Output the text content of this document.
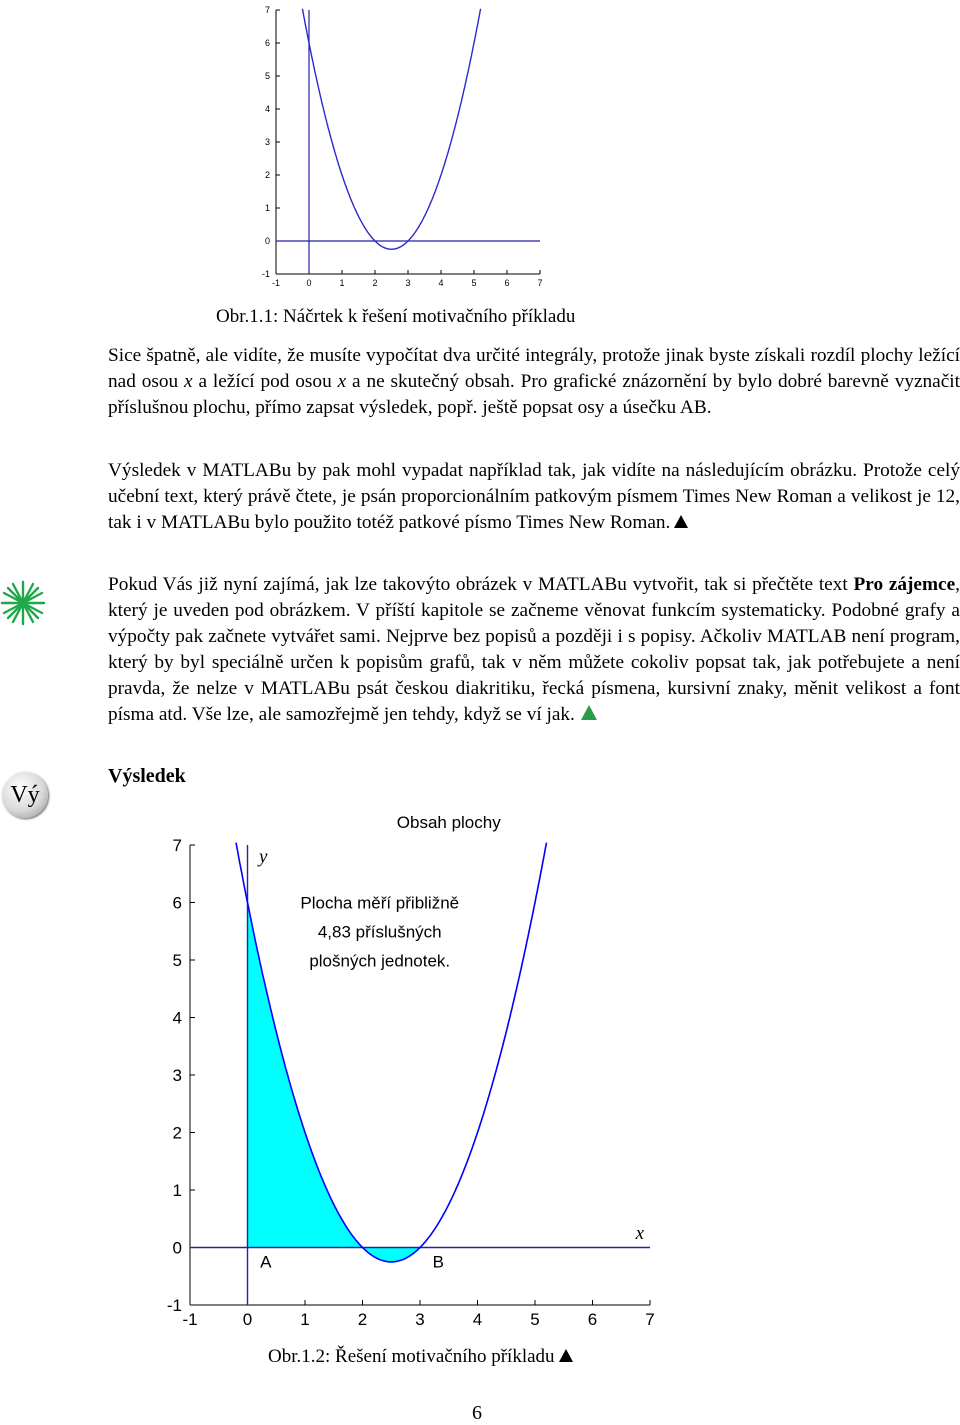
-1
0
1
2
3
4
5
6
7
-1	0	1	2	3	4	5	6	7
Obr.1.1: Náčrtek k řešení motivačního příkladu
Sice špatně, ale vidíte, že musíte vypočítat dva určité integrály, protože jinak byste získali rozdíl plochy ležící nad osou x a ležící pod osou x a ne skutečný obsah. Pro grafické znázornění by bylo dobré barevně vyznačit příslušnou plochu, přímo zapsat výsledek, popř. ještě popsat osy a úsečku AB.
Výsledek v MATLABu by pak mohl vypadat například tak, jak vidíte na následujícím obrázku. Protože celý učební text, který právě čtete, je psán proporcionálním patkovým písmem Times New Roman a velikost je 12, tak i v MATLABu bylo použito totéž patkové písmo Times New Roman.
Pokud Vás již nyní zajímá, jak lze takovýto obrázek v MATLABu vytvořit, tak si přečtěte text Pro zájemce, který je uveden pod obrázkem. V příští kapitole se začneme věnovat funkcím systematicky. Podobné grafy a výpočty pak začnete vytvářet sami. Nejprve bez popisů a později i s popisy. Ačkoliv MATLAB není program, který by byl speciálně určen k popisům grafů, tak v něm můžete cokoliv popsat tak, jak potřebujete a není pravda, že nelze v MATLABu psát českou diakritiku, řecká písmena, kursivní znaky, měnit velikost a font písma atd. Vše lze, ale samozřejmě jen tehdy, když se ví jak.
Vý
Výsledek
-1
0
1
2
3
4
5
6
7
-1	0	1	2	3	4	5	6	7
Obsah plochy
x
y
A	B
Plocha měří přibližně
4,83 příslušných
plošných jednotek.
Obr.1.2: Řešení motivačního příkladu
6
